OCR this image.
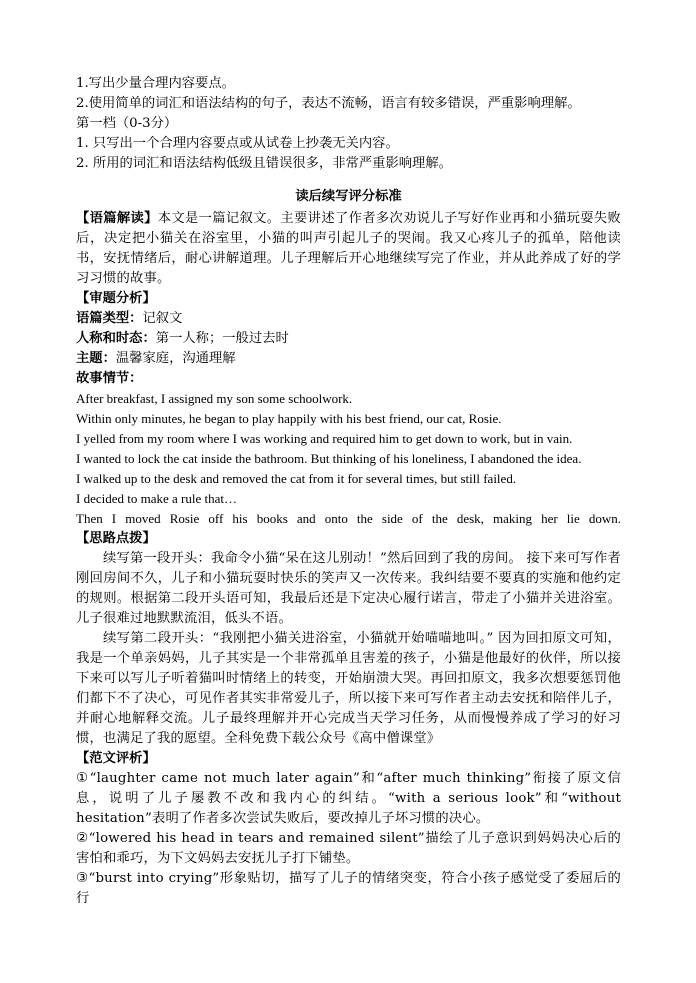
1.写出少量合理内容要点。

2.使用简单的词汇和语法结构的句子，表达不流畅，语言有较多错误，严重影响理解。

第一档（0-3分）

1. 只写出一个合理内容要点或从试卷上抄袭无关内容。

2. 所用的词汇和语法结构低级且错误很多，非常严重影响理解。

读后续写评分标准

【语篇解读】本文是一篇记叙文。主要讲述了作者多次劝说儿子写好作业再和小猫玩耍失败后，决定把小猫关在浴室里，小猫的叫声引起儿子的哭闹。我又心疼儿子的孤单，陪他读书，安抚情绪后，耐心讲解道理。儿子理解后开心地继续写完了作业，并从此养成了好的学习习惯的故事。

【审题分析】

语篇类型：记叙文

人称和时态：第一人称；一般过去时

主题：温馨家庭，沟通理解

故事情节：

After breakfast, I assigned my son some schoolwork.

Within only minutes, he began to play happily with his best friend, our cat, Rosie.

I yelled from my room where I was working and required him to get down to work, but in vain.

I wanted to lock the cat inside the bathroom. But thinking of his loneliness, I abandoned the idea.

I walked up to the desk and removed the cat from it for several times, but still failed.

I decided to make a rule that…

Then I moved Rosie off his books and onto the side of the desk, making her lie down.

【思路点拨】

续写第一段开头：我命令小猫“呆在这儿别动！”然后回到了我的房间。 接下来可写作者刚回房间不久，儿子和小猫玩耍时快乐的笑声又一次传来。我纠结要不要真的实施和他约定的规则。根据第二段开头语可知，我最后还是下定决心履行诺言，带走了小猫并关进浴室。儿子很难过地默默流泪，低头不语。

续写第二段开头：“我刚把小猫关进浴室，小猫就开始喵喵地叫。” 因为回扣原文可知，我是一个单亲妈妈，儿子其实是一个非常孤单且害羞的孩子，小猫是他最好的伙伴，所以接下来可以写儿子听着猫叫时情绪上的转变，开始崩溃大哭。再回扣原文，我多次想要惩罚他们都下不了决心，可见作者其实非常爱儿子，所以接下来可写作者主动去安抚和陪伴儿子，并耐心地解释交流。儿子最终理解并开心完成当天学习任务，从而慢慢养成了学习的好习惯，也满足了我的愿望。全科免费下载公众号《高中僧课堂》

【范文评析】

①“laughter came not much later again”和“after much thinking”衔接了原文信息，说明了儿子屡教不改和我内心的纠结。“with a serious look”和“without hesitation”表明了作者多次尝试失败后，要改掉儿子坏习惯的决心。

②“lowered his head in tears and remained silent”描绘了儿子意识到妈妈决心后的害怕和乖巧，为下文妈妈去安抚儿子打下铺垫。

③“burst into crying”形象贴切，描写了儿子的情绪突变，符合小孩子感觉受了委屈后的行
